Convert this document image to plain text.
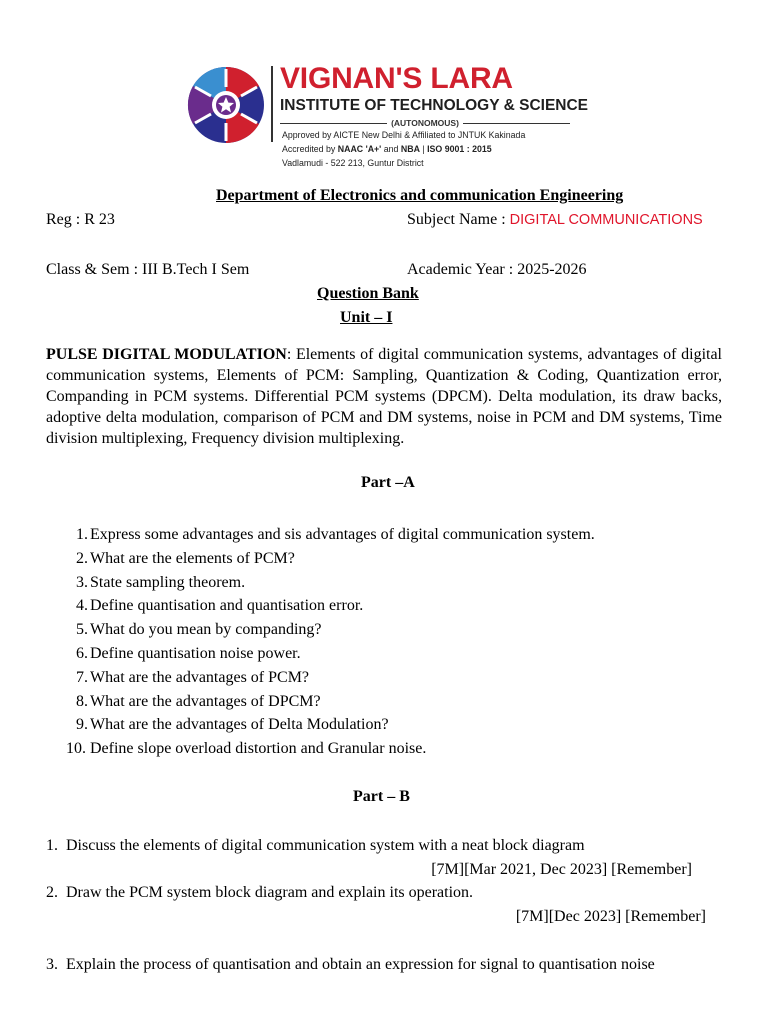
VIGNAN'S LARA
INSTITUTE OF TECHNOLOGY & SCIENCE
(AUTONOMOUS)
Approved by AICTE New Delhi & Affiliated to JNTUK Kakinada
Accredited by NAAC 'A+' and NBA | ISO 9001 : 2015
Vadlamudi - 522 213, Guntur District
Department of Electronics and communication Engineering
Reg : R 23	Subject Name : DIGITAL COMMUNICATIONS
Class & Sem : III B.Tech I Sem	Academic Year : 2025-2026
Question Bank
Unit – I
PULSE DIGITAL MODULATION: Elements of digital communication systems, advantages of digital communication systems, Elements of PCM: Sampling, Quantization & Coding, Quantization error, Companding in PCM systems. Differential PCM systems (DPCM). Delta modulation, its draw backs, adoptive delta modulation, comparison of PCM and DM systems, noise in PCM and DM systems, Time division multiplexing, Frequency division multiplexing.
Part –A
1. Express some advantages and sis advantages of digital communication system.
2. What are the elements of PCM?
3. State sampling theorem.
4. Define quantisation and quantisation error.
5. What do you mean by companding?
6. Define quantisation noise power.
7. What are the advantages of PCM?
8. What are the advantages of DPCM?
9. What are the advantages of Delta Modulation?
10. Define slope overload distortion and Granular noise.
Part – B
1. Discuss the elements of digital communication system with a neat block diagram
[7M][Mar 2021, Dec 2023] [Remember]
2. Draw the PCM system block diagram and explain its operation.
[7M][Dec 2023] [Remember]
3. Explain the process of quantisation and obtain an expression for signal to quantisation noise
